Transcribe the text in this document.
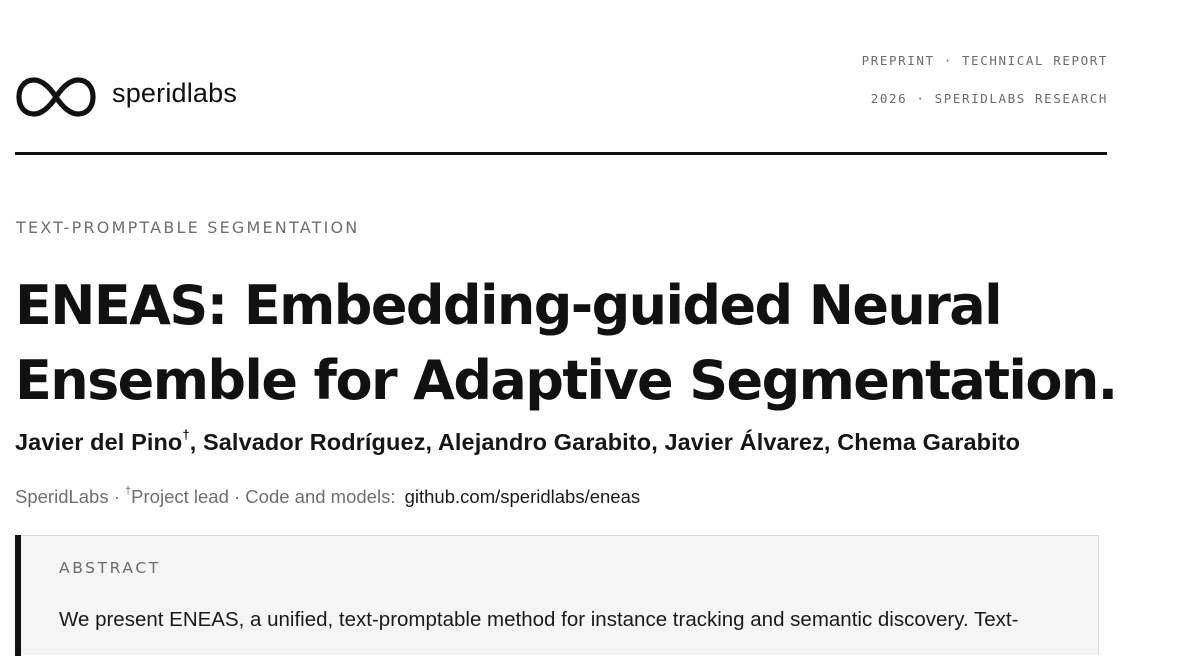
speridlabs
PREPRINT · TECHNICAL REPORT
2026 · SPERIDLABS RESEARCH
TEXT-PROMPTABLE SEGMENTATION
ENEAS: Embedding-guided Neural
Ensemble for Adaptive Segmentation.
Javier del Pino†, Salvador Rodríguez, Alejandro Garabito, Javier Álvarez, Chema Garabito
SperidLabs · †Project lead · Code and models: github.com/speridlabs/eneas
ABSTRACT
We present ENEAS, a unified, text-promptable method for instance tracking and semantic discovery. Text-
